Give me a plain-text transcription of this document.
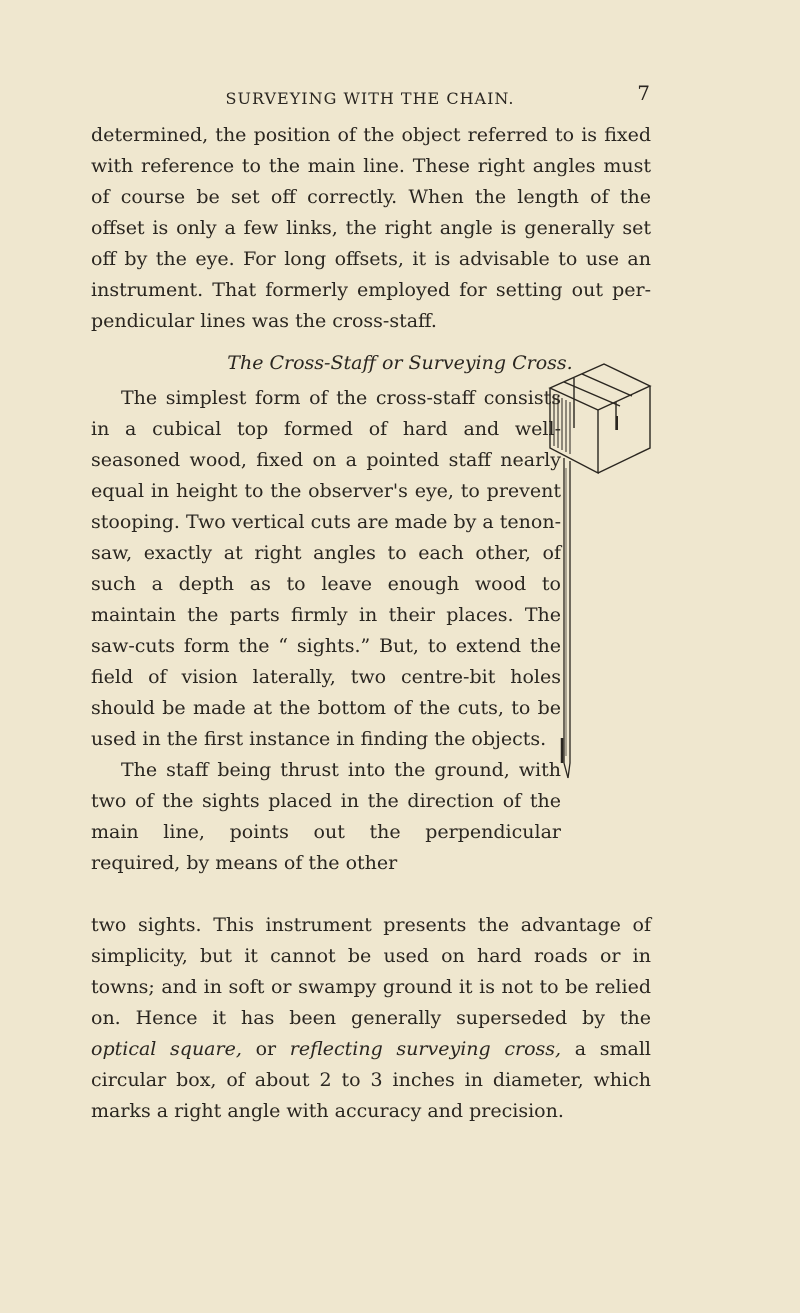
SURVEYING WITH THE CHAIN.	7

determined, the position of the object referred to is fixed with reference to the main line. These right angles must of course be set off correctly. When the length of the offset is only a few links, the right angle is generally set off by the eye. For long offsets, it is advisable to use an instrument. That formerly employed for setting out perpendicular lines was the cross-staff.

The Cross-Staff or Surveying Cross.

The simplest form of the cross-staff consists in a cubical top formed of hard and well-seasoned wood, fixed on a pointed staff nearly equal in height to the observer's eye, to prevent stooping. Two vertical cuts are made by a tenon-saw, exactly at right angles to each other, of such a depth as to leave enough wood to maintain the parts firmly in their places. The saw-cuts form the “ sights.” But, to extend the field of vision laterally, two centre-bit holes should be made at the bottom of the cuts, to be used in the first instance in finding the objects.

The staff being thrust into the ground, with two of the sights placed in the direction of the main line, points out the perpendicular required, by means of the other

two sights. This instrument presents the advantage of simplicity, but it cannot be used on hard roads or in towns; and in soft or swampy ground it is not to be relied on. Hence it has been generally superseded by the optical square, or reflecting surveying cross, a small circular box, of about 2 to 3 inches in diameter, which marks a right angle with accuracy and precision.
